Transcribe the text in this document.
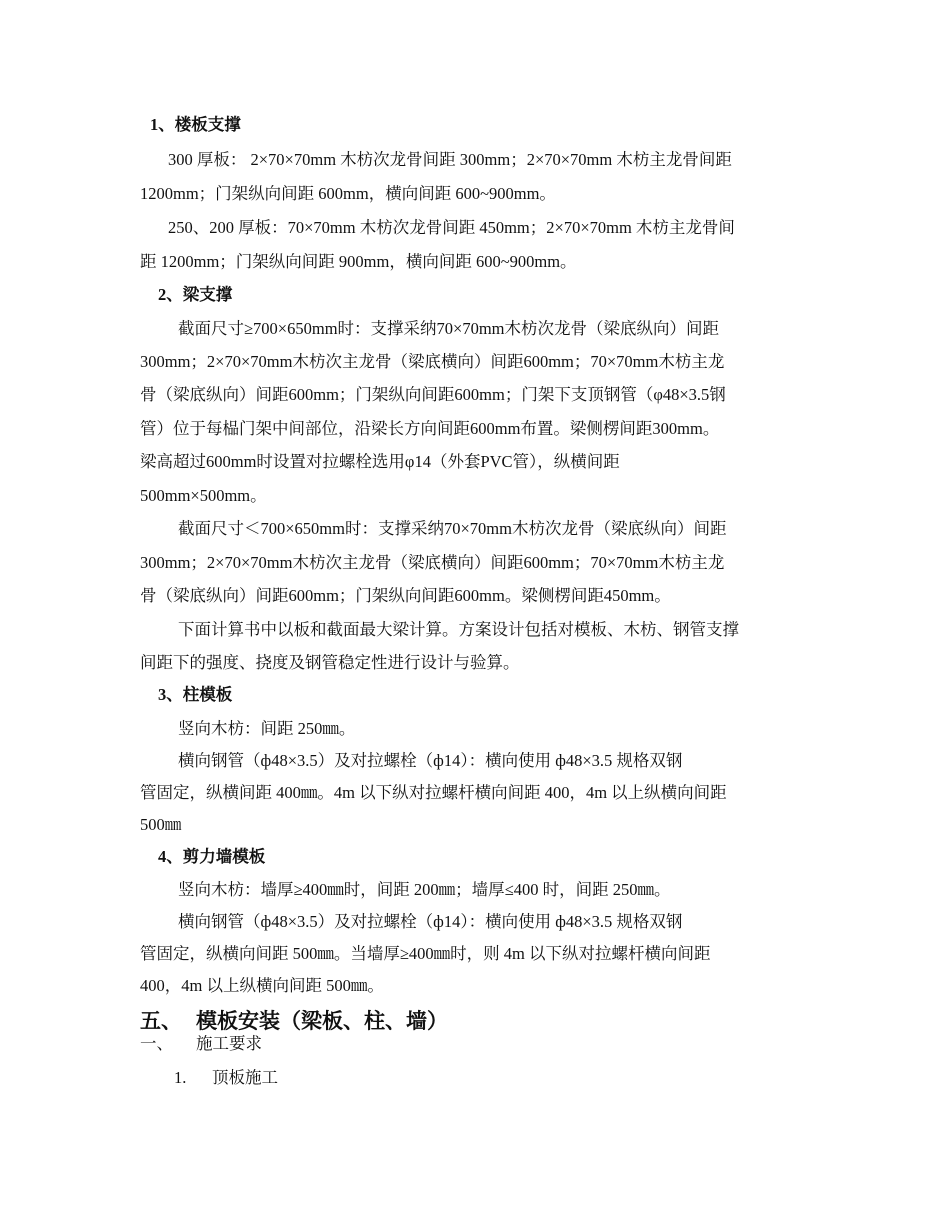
1、楼板支撑
300 厚板： 2×70×70mm 木枋次龙骨间距 300mm；2×70×70mm 木枋主龙骨间距
1200mm；门架纵向间距 600mm，横向间距 600~900mm。
250、200 厚板：70×70mm 木枋次龙骨间距 450mm；2×70×70mm 木枋主龙骨间
距 1200mm；门架纵向间距 900mm，横向间距 600~900mm。
2、梁支撑
截面尺寸≥700×650mm时：支撑采纳70×70mm木枋次龙骨（梁底纵向）间距
300mm；2×70×70mm木枋次主龙骨（梁底横向）间距600mm；70×70mm木枋主龙
骨（梁底纵向）间距600mm；门架纵向间距600mm；门架下支顶钢管（φ48×3.5钢
管）位于每榀门架中间部位，沿梁长方向间距600mm布置。梁侧楞间距300mm。
梁高超过600mm时设置对拉螺栓选用φ14（外套PVC管），纵横间距
500mm×500mm。
截面尺寸＜700×650mm时：支撑采纳70×70mm木枋次龙骨（梁底纵向）间距
300mm；2×70×70mm木枋次主龙骨（梁底横向）间距600mm；70×70mm木枋主龙
骨（梁底纵向）间距600mm；门架纵向间距600mm。梁侧楞间距450mm。
下面计算书中以板和截面最大梁计算。方案设计包括对模板、木枋、钢管支撑
间距下的强度、挠度及钢管稳定性进行设计与验算。
3、柱模板
竖向木枋：间距 250㎜。
横向钢管（ф48×3.5）及对拉螺栓（ф14）：横向使用 ф48×3.5 规格双钢
管固定，纵横间距 400㎜。4m 以下纵对拉螺杆横向间距 400，4m 以上纵横向间距
500㎜
4、剪力墙模板
竖向木枋：墙厚≥400㎜时，间距 200㎜；墙厚≤400 时，间距 250㎜。
横向钢管（ф48×3.5）及对拉螺栓（ф14）：横向使用 ф48×3.5 规格双钢
管固定，纵横向间距 500㎜。当墙厚≥400㎜时，则 4m 以下纵对拉螺杆横向间距
400，4m 以上纵横向间距 500㎜。
五、 模板安装（梁板、柱、墙）
一、 施工要求
1. 顶板施工
